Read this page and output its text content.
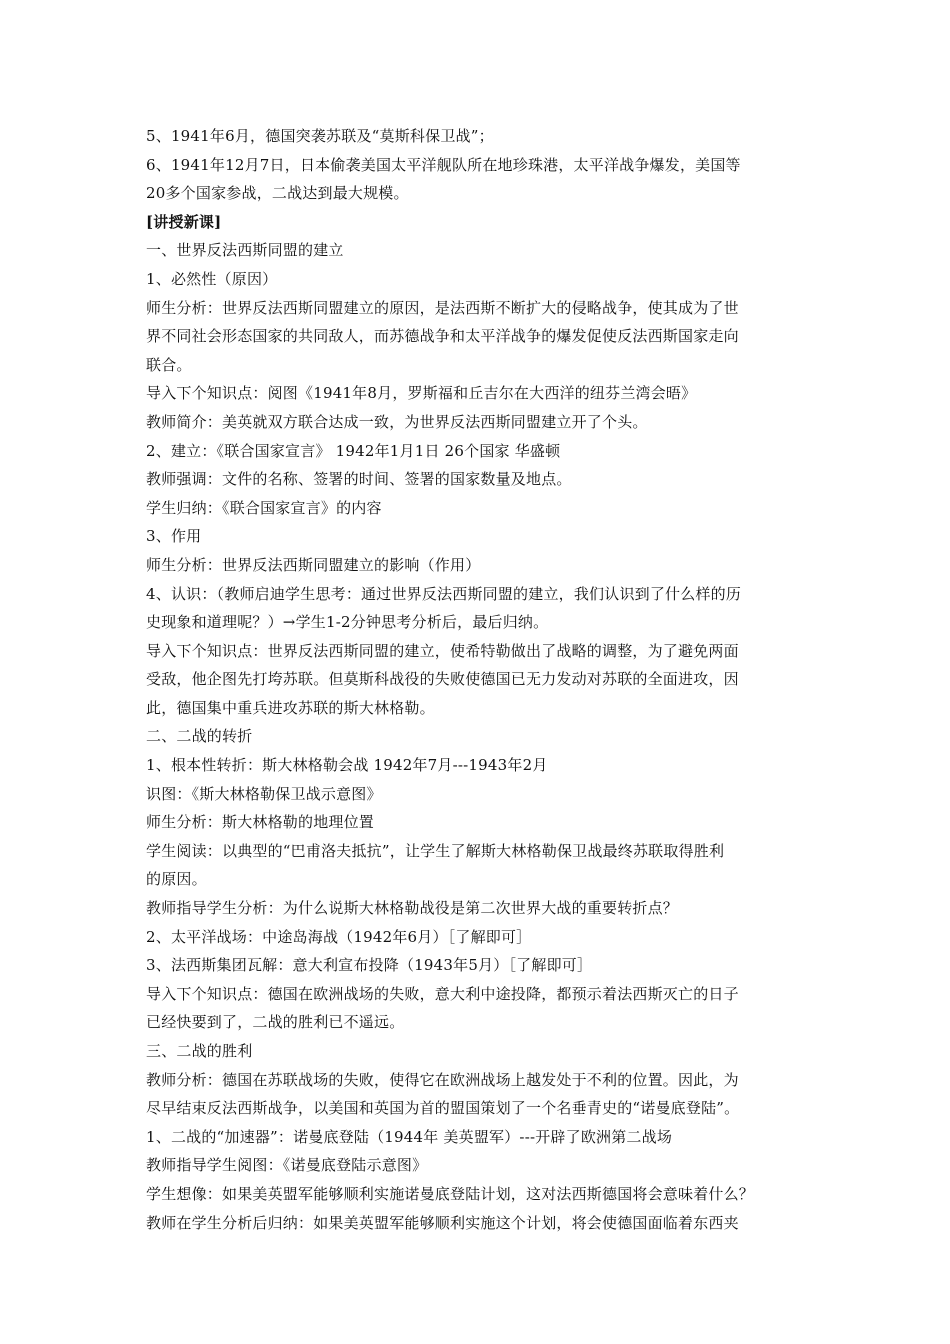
5、1941年6月，德国突袭苏联及“莫斯科保卫战”；
6、1941年12月7日，日本偷袭美国太平洋舰队所在地珍珠港，太平洋战争爆发，美国等
20多个国家参战，二战达到最大规模。
[讲授新课]
一、世界反法西斯同盟的建立
1、必然性（原因）
师生分析：世界反法西斯同盟建立的原因，是法西斯不断扩大的侵略战争，使其成为了世
界不同社会形态国家的共同敌人，而苏德战争和太平洋战争的爆发促使反法西斯国家走向
联合。
导入下个知识点：阅图《1941年8月，罗斯福和丘吉尔在大西洋的纽芬兰湾会晤》
教师简介：美英就双方联合达成一致，为世界反法西斯同盟建立开了个头。
2、建立：《联合国家宣言》 1942年1月1日 26个国家 华盛顿
教师强调：文件的名称、签署的时间、签署的国家数量及地点。
学生归纳：《联合国家宣言》的内容
3、作用
师生分析：世界反法西斯同盟建立的影响（作用）
4、认识：（教师启迪学生思考：通过世界反法西斯同盟的建立，我们认识到了什么样的历
史现象和道理呢？）→学生1-2分钟思考分析后，最后归纳。
导入下个知识点：世界反法西斯同盟的建立，使希特勒做出了战略的调整，为了避免两面
受敌，他企图先打垮苏联。但莫斯科战役的失败使德国已无力发动对苏联的全面进攻，因
此，德国集中重兵进攻苏联的斯大林格勒。
二、二战的转折
1、根本性转折：斯大林格勒会战 1942年7月---1943年2月
识图：《斯大林格勒保卫战示意图》
师生分析：斯大林格勒的地理位置
学生阅读：以典型的“巴甫洛夫抵抗”，让学生了解斯大林格勒保卫战最终苏联取得胜利
的原因。
教师指导学生分析：为什么说斯大林格勒战役是第二次世界大战的重要转折点？
2、太平洋战场：中途岛海战（1942年6月）［了解即可］
3、法西斯集团瓦解：意大利宣布投降（1943年5月）［了解即可］
导入下个知识点：德国在欧洲战场的失败，意大利中途投降，都预示着法西斯灭亡的日子
已经快要到了，二战的胜利已不遥远。
三、二战的胜利
教师分析：德国在苏联战场的失败，使得它在欧洲战场上越发处于不利的位置。因此，为
尽早结束反法西斯战争，以美国和英国为首的盟国策划了一个名垂青史的“诺曼底登陆”。
1、二战的“加速器”：诺曼底登陆（1944年 美英盟军）---开辟了欧洲第二战场
教师指导学生阅图：《诺曼底登陆示意图》
学生想像：如果美英盟军能够顺利实施诺曼底登陆计划，这对法西斯德国将会意味着什么？
教师在学生分析后归纳：如果美英盟军能够顺利实施这个计划，将会使德国面临着东西夹
